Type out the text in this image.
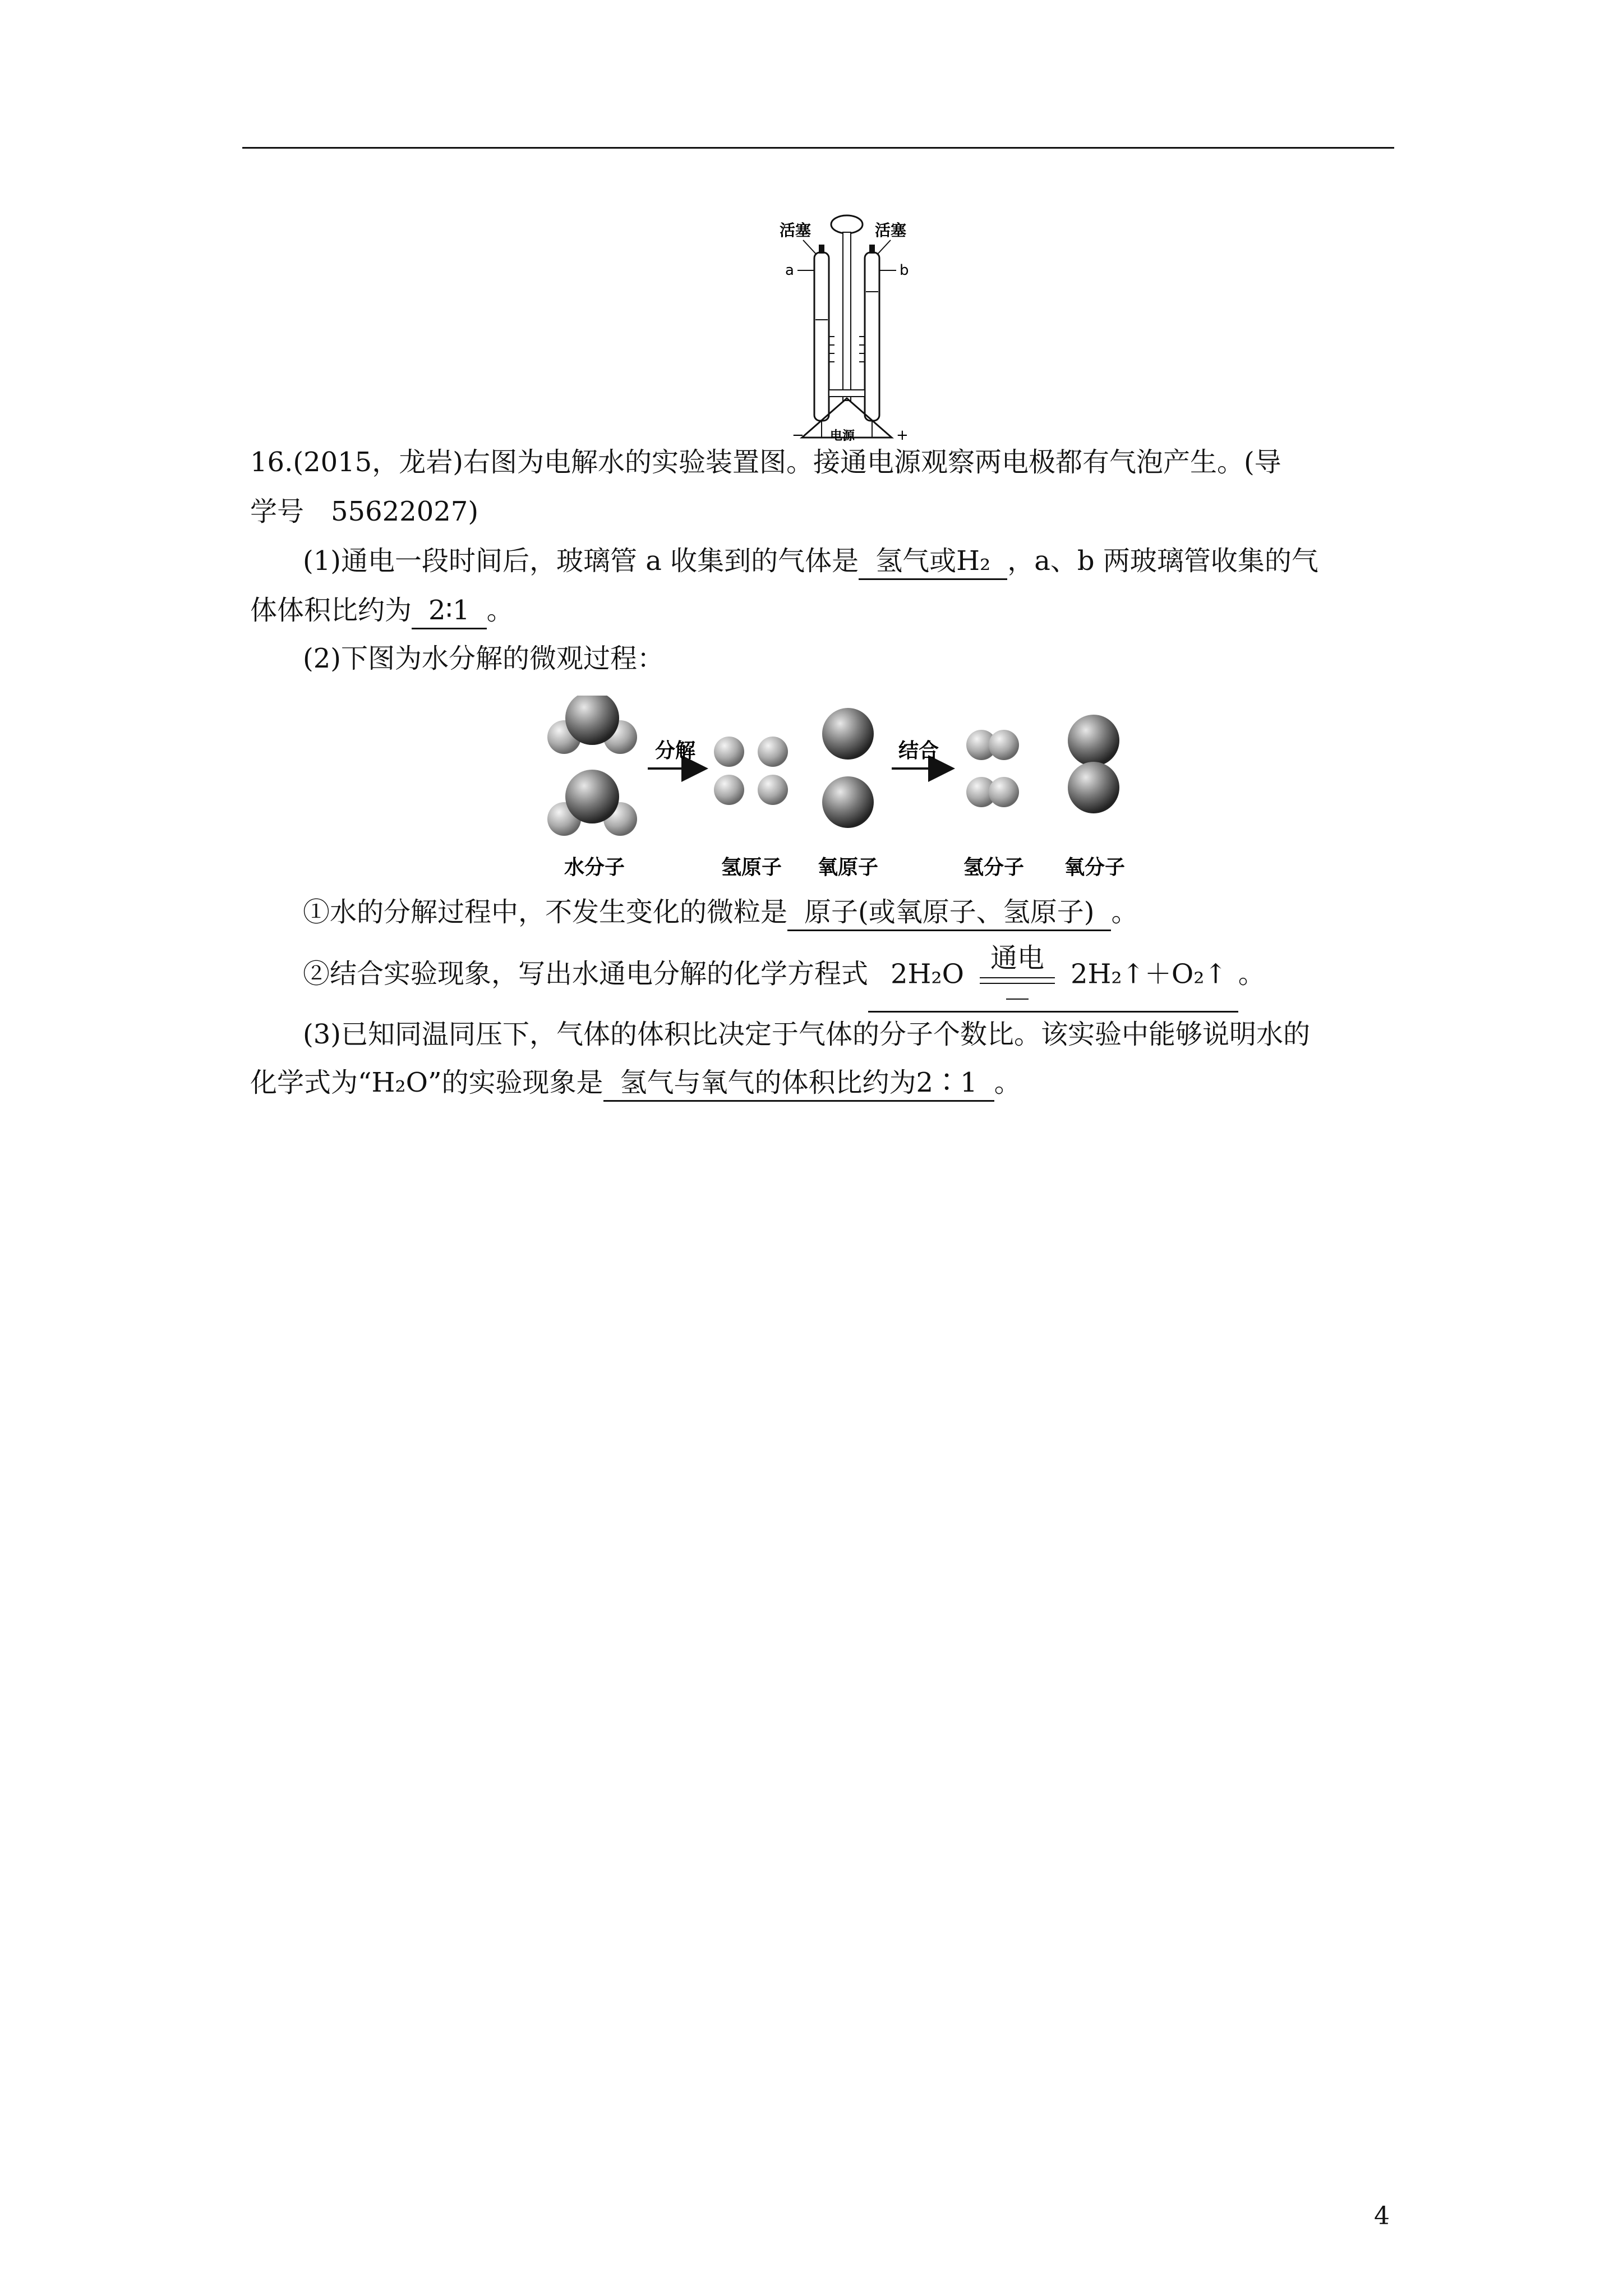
活塞	活塞
a	b
电源
−	+
16.(2015，龙岩)右图为电解水的实验装置图。接通电源观察两电极都有气泡产生。(导
学号　55622027)
(1)通电一段时间后，玻璃管 a 收集到的气体是 氢气或H₂ ，a、b 两玻璃管收集的气
体体积比约为 2∶1 。
(2)下图为水分解的微观过程：
分解	结合
水分子	氢原子 氧原子	氢分子 氧分子
①水的分解过程中，不发生变化的微粒是 原子(或氧原子、氢原子) 。
②结合实验现象，写出水通电分解的化学方程式 2H₂O
通电
2H₂↑＋O₂↑ 。
(3)已知同温同压下，气体的体积比决定于气体的分子个数比。该实验中能够说明水的
化学式为“H₂O”的实验现象是 氢气与氧气的体积比约为2∶1 。
4
